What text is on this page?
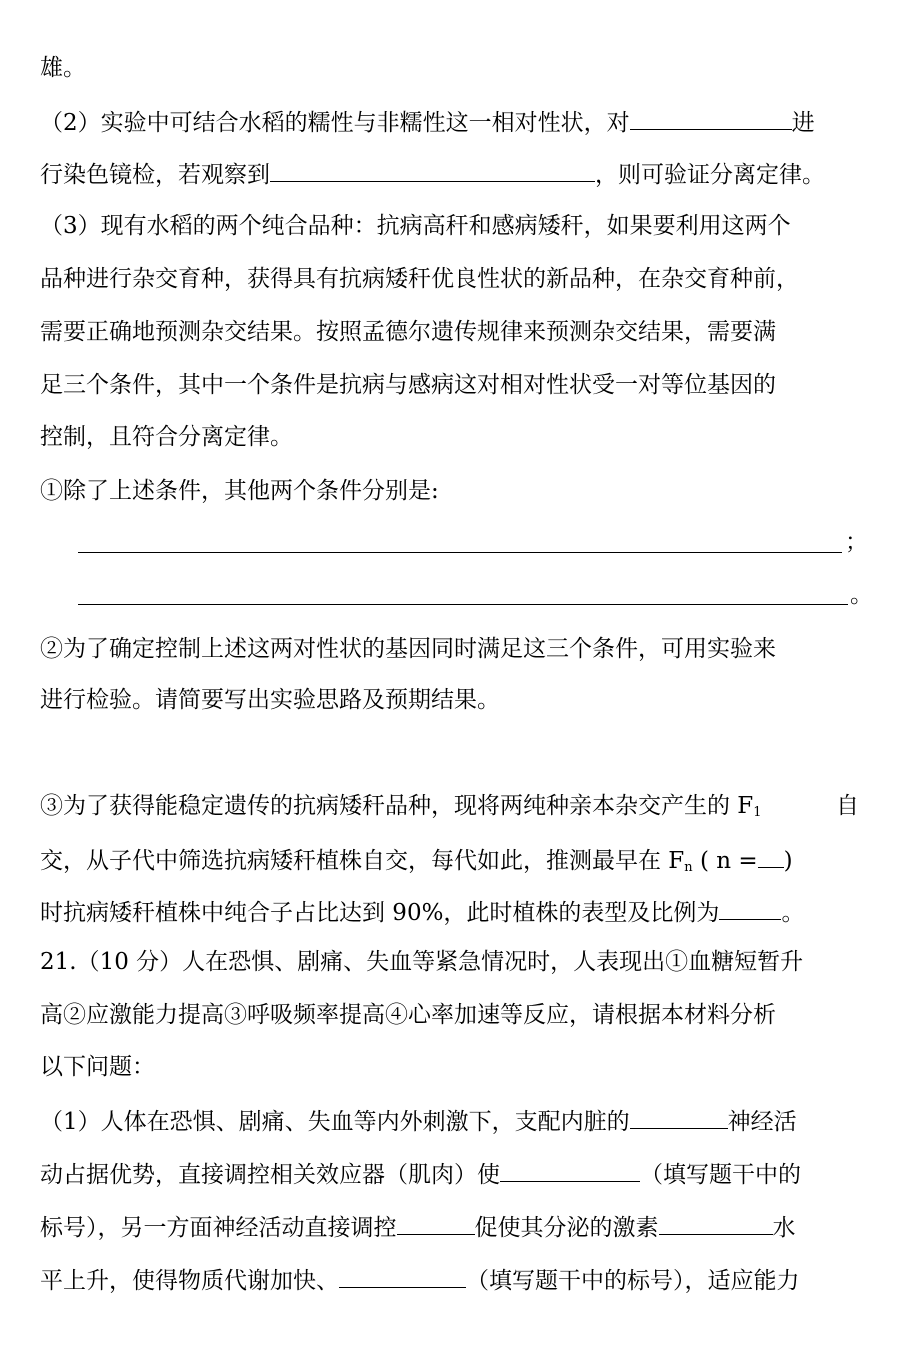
雄。
（2）实验中可结合水稻的糯性与非糯性这一相对性状，对	进
行染色镜检，若观察到	，则可验证分离定律。
（3）现有水稻的两个纯合品种：抗病高秆和感病矮秆，如果要利用这两个
品种进行杂交育种，获得具有抗病矮秆优良性状的新品种，在杂交育种前，
需要正确地预测杂交结果。按照孟德尔遗传规律来预测杂交结果，需要满
足三个条件，其中一个条件是抗病与感病这对相对性状受一对等位基因的
控制，且符合分离定律。
①除了上述条件，其他两个条件分别是:
；
。
②为了确定控制上述这两对性状的基因同时满足这三个条件，可用实验来
进行检验。请简要写出实验思路及预期结果。
③为了获得能稳定遗传的抗病矮秆品种，现将两纯种亲本杂交产生的 $F_1$	自
交，从子代中筛选抗病矮秆植株自交，每代如此，推测最早在 $F_n$ ( n = )
时抗病矮秆植株中纯合子占比达到 90%，此时植株的表型及比例为	。
21.（10 分）人在恐惧、剧痛、失血等紧急情况时，人表现出①血糖短暂升
高②应激能力提高③呼吸频率提高④心率加速等反应，请根据本材料分析
以下问题：
（1）人体在恐惧、剧痛、失血等内外刺激下，支配内脏的	神经活
动占据优势，直接调控相关效应器（肌肉）使	（填写题干中的
标号），另一方面神经活动直接调控	促使其分泌的激素	水
平上升，使得物质代谢加快、	（填写题干中的标号），适应能力
